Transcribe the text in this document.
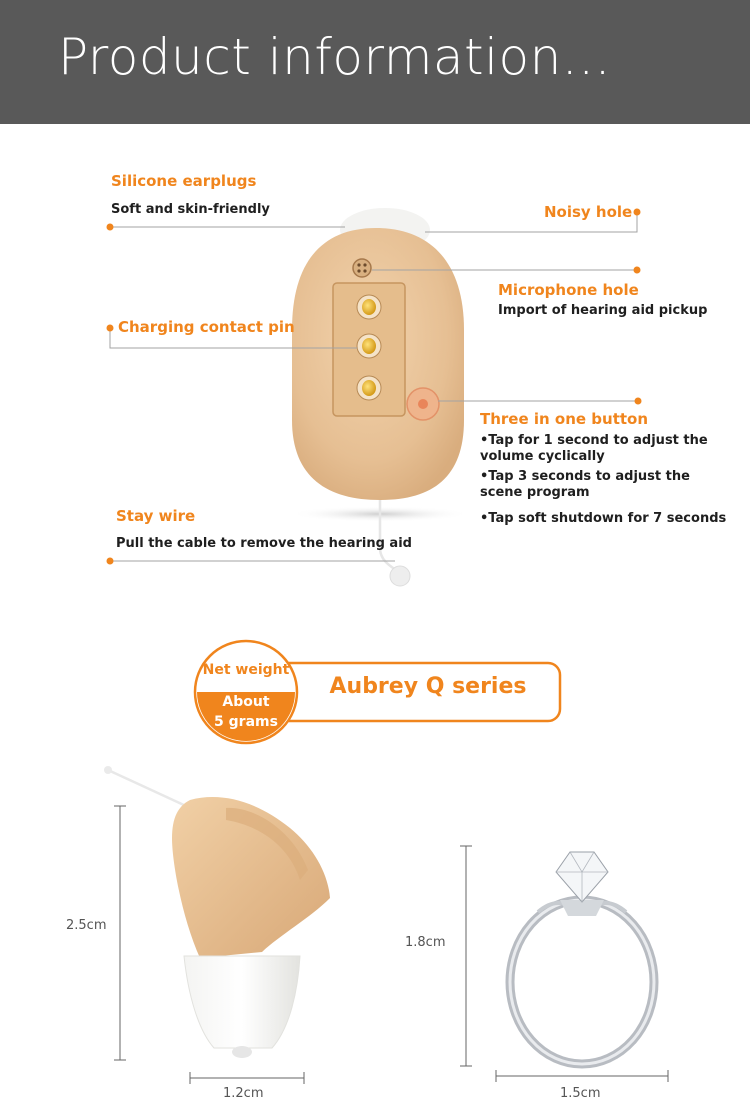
Product information...
Silicone earplugs
Soft and skin-friendly	Noisy hole
Microphone hole
Import of hearing aid pickup
Charging contact pin
Three in one button
•Tap for 1 second to adjust the volume cyclically
•Tap 3 seconds to adjust the scene program
•Tap soft shutdown for 7 seconds
Stay wire
Pull the cable to remove the hearing aid
Net weight
About
5 grams
Aubrey Q series
2.5cm
1.2cm
1.8cm
1.5cm
